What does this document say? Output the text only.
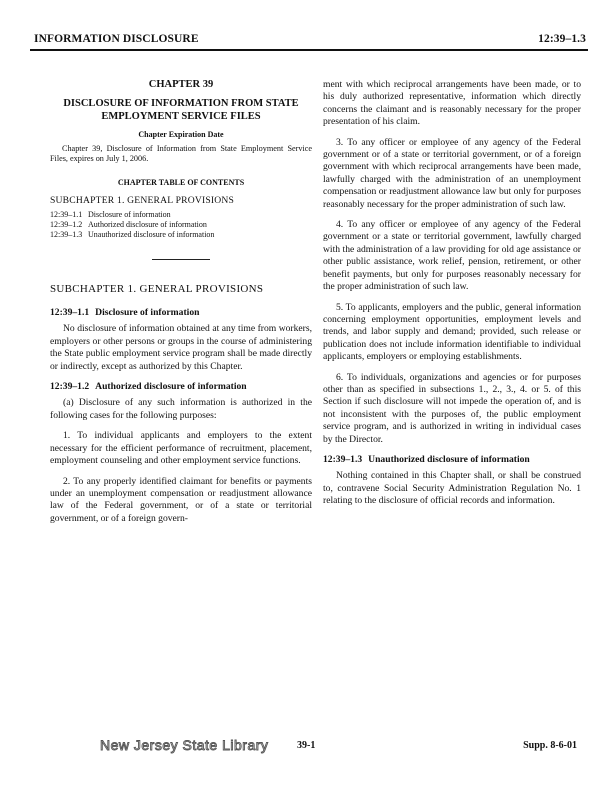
INFORMATION DISCLOSURE	12:39–1.3
CHAPTER 39
DISCLOSURE OF INFORMATION FROM STATE
EMPLOYMENT SERVICE FILES
Chapter Expiration Date

Chapter 39, Disclosure of Information from State Employment Service Files, expires on July 1, 2006.

CHAPTER TABLE OF CONTENTS
SUBCHAPTER 1. GENERAL PROVISIONS
12:39–1.1 Disclosure of information
12:39–1.2 Authorized disclosure of information
12:39–1.3 Unauthorized disclosure of information
SUBCHAPTER 1. GENERAL PROVISIONS
12:39–1.1 Disclosure of information

No disclosure of information obtained at any time from workers, employers or other persons or groups in the course of administering the State public employment service program shall be made directly or indirectly, except as authorized by this Chapter.

12:39–1.2 Authorized disclosure of information

(a) Disclosure of any such information is authorized in the following cases for the following purposes:

1. To individual applicants and employers to the extent necessary for the efficient performance of recruitment, placement, employment counseling and other employment service functions.

2. To any properly identified claimant for benefits or payments under an unemployment compensation or readjustment allowance law of the Federal government, or of a state or territorial government, or of a foreign govern-

ment with which reciprocal arrangements have been made, or to his duly authorized representative, information which directly concerns the claimant and is reasonably necessary for the proper presentation of his claim.

3. To any officer or employee of any agency of the Federal government or of a state or territorial government, or of a foreign government with which reciprocal arrangements have been made, lawfully charged with the administration of an unemployment compensation or readjustment allowance law but only for purposes reasonably necessary for the proper administration of such law.

4. To any officer or employee of any agency of the Federal government or a state or territorial government, lawfully charged with the administration of a law providing for old age assistance or other public assistance, work relief, pension, retirement, or other benefit payments, but only for purposes reasonably necessary for the proper administration of such law.

5. To applicants, employers and the public, general information concerning employment opportunities, employment levels and trends, and labor supply and demand; provided, such release or publication does not include information identifiable to individual applicants, employers or employing establishments.

6. To individuals, organizations and agencies or for purposes other than as specified in subsections 1., 2., 3., 4. or 5. of this Section if such disclosure will not impede the operation of, and is not inconsistent with the purposes of, the public employment service program, and is authorized in writing in individual cases by the Director.

12:39–1.3 Unauthorized disclosure of information

Nothing contained in this Chapter shall, or shall be construed to, contravene Social Security Administration Regulation No. 1 relating to the disclosure of official records and information.

New Jersey State Library	39-1	Supp. 8-6-01
